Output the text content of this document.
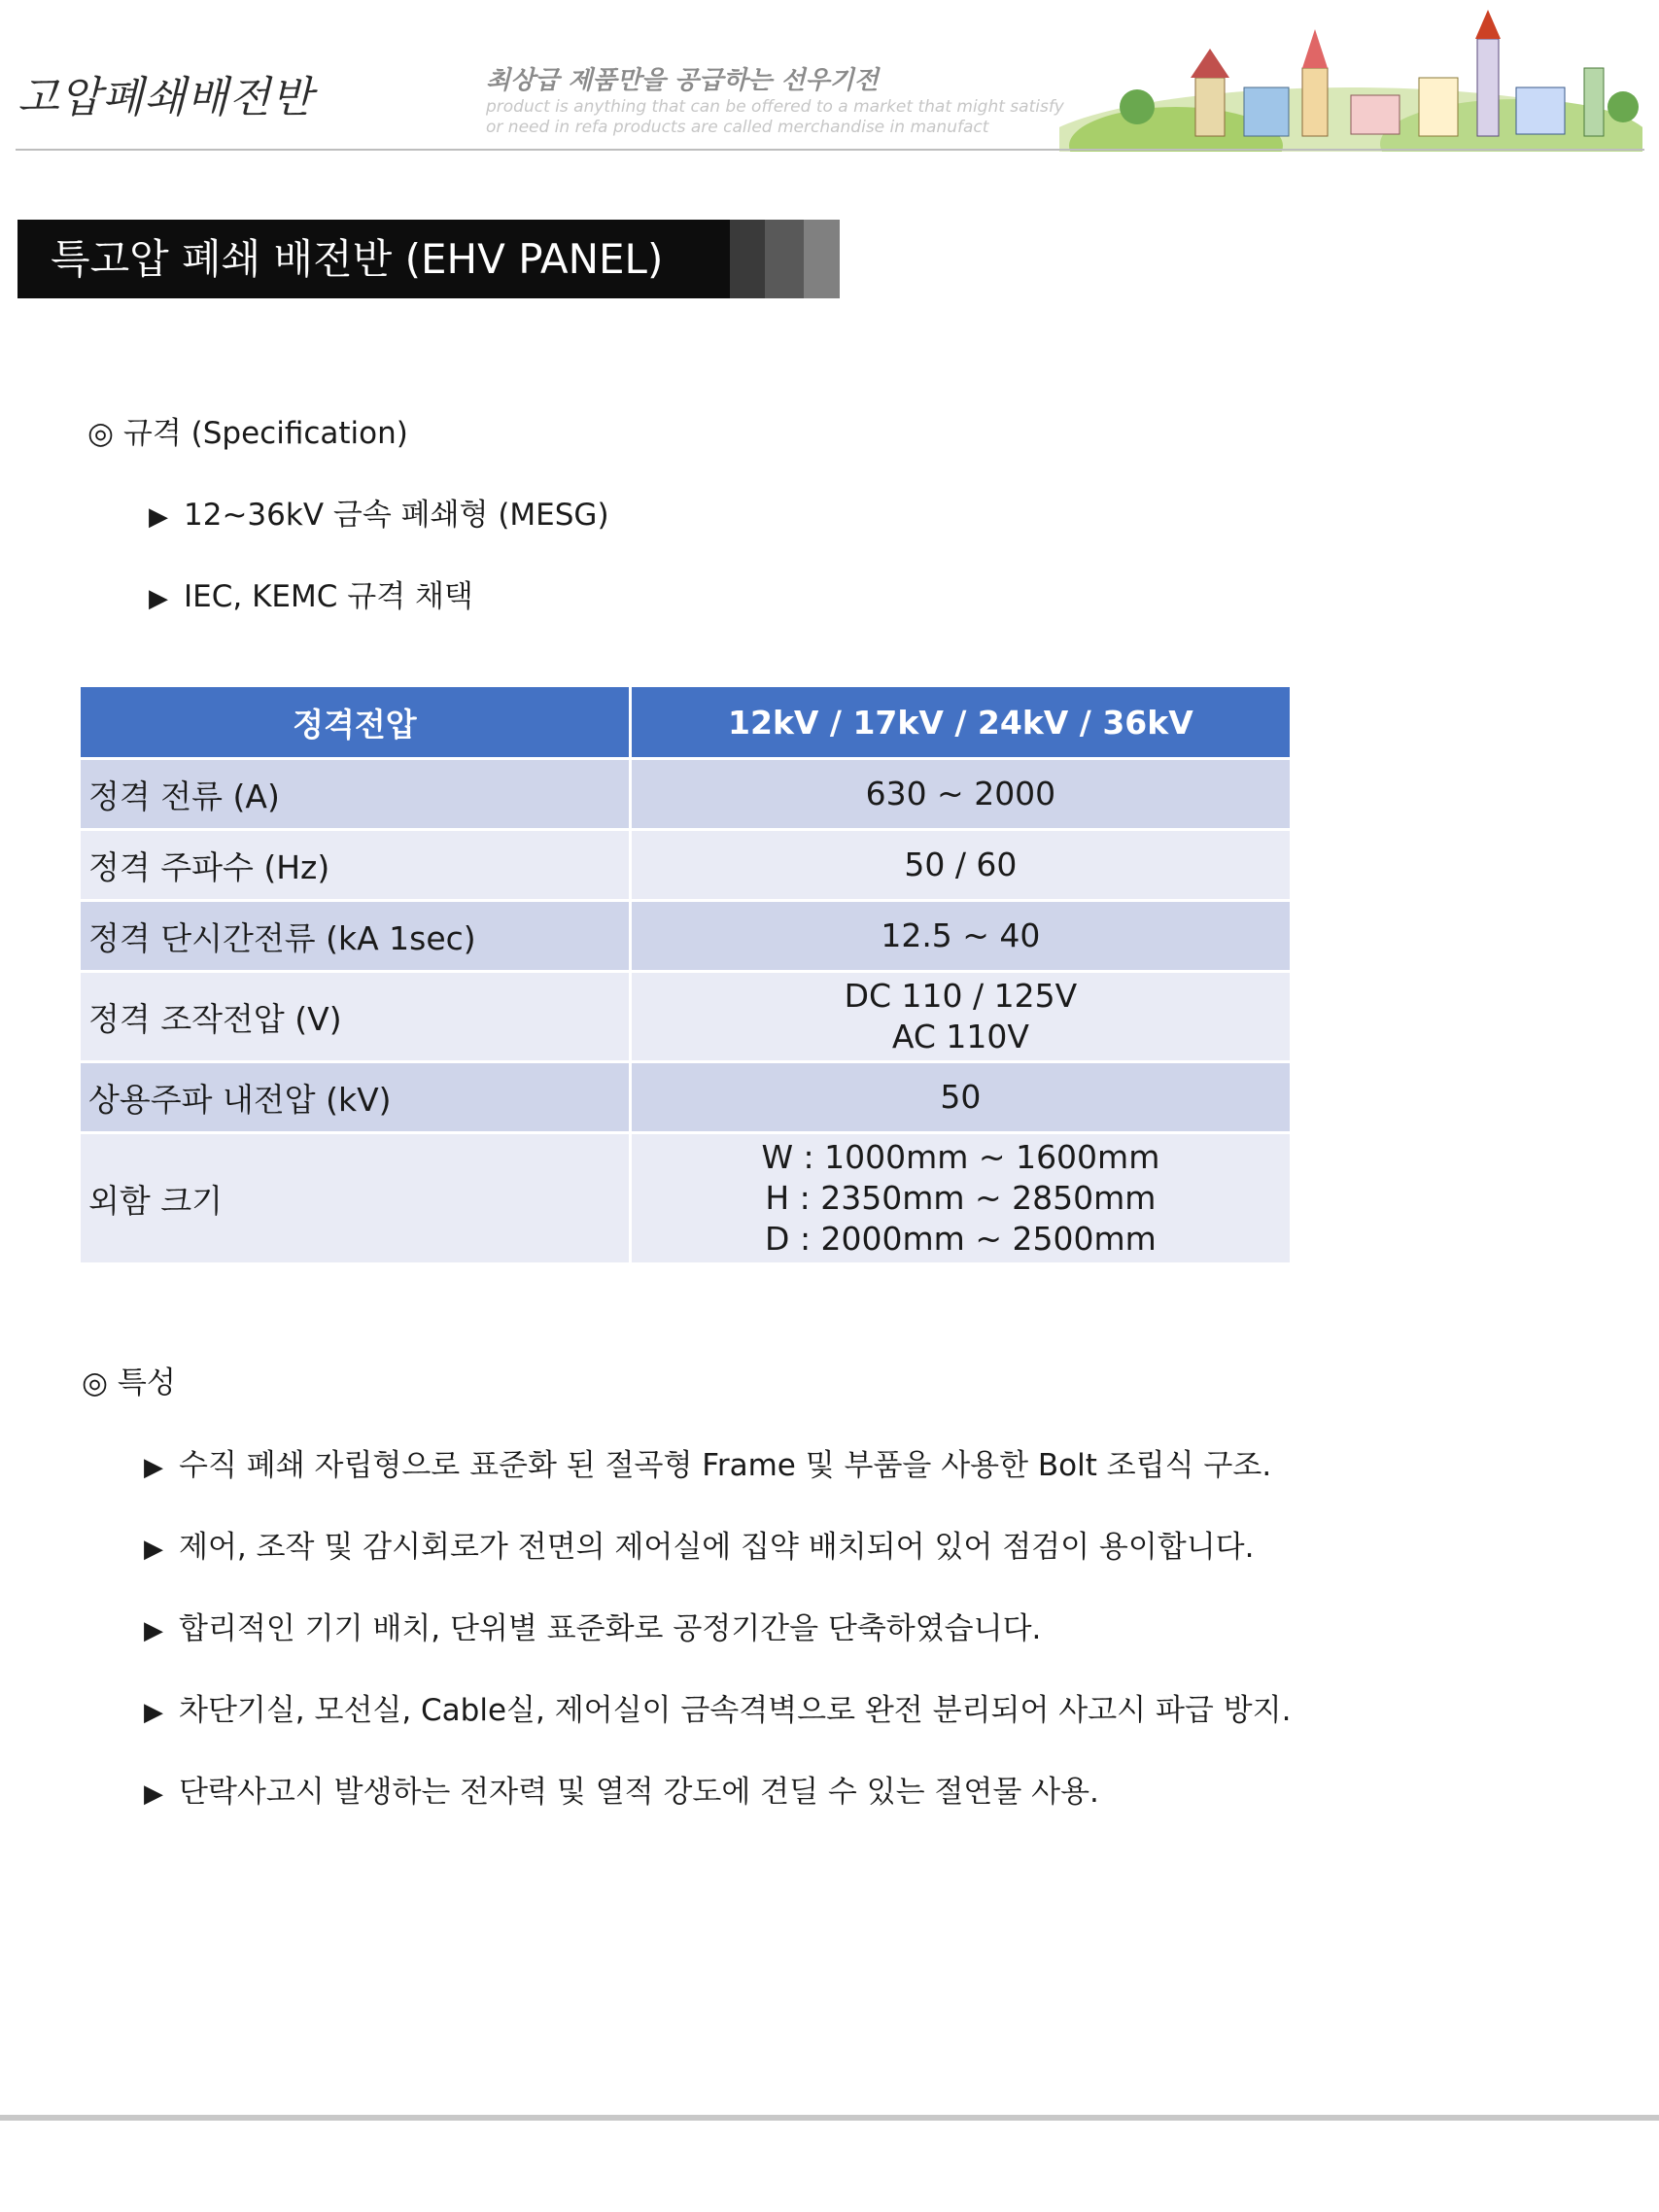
고압폐쇄배전반	최상급 제품만을 공급하는 선우기전
product is anything that can be offered to a market that might satisfy
or need in refa products are called merchandise in manufact
특고압 폐쇄 배전반 (EHV PANEL)
◎ 규격 (Specification)
▶ 12~36kV 금속 폐쇄형 (MESG)
▶ IEC, KEMC 규격 채택
정격전압	12kV / 17kV / 24kV / 36kV
정격 전류 (A)	630 ~ 2000

정격 주파수 (Hz)	50 / 60

정격 단시간전류 (kA 1sec)	12.5 ~ 40

정격 조작전압 (V)	DC 110 / 125V
AC 110V

상용주파 내전압 (kV)	50

외함 크기	W : 1000mm ~ 1600mm
H : 2350mm ~ 2850mm
D : 2000mm ~ 2500mm
◎ 특성
▶ 수직 폐쇄 자립형으로 표준화 된 절곡형 Frame 및 부품을 사용한 Bolt 조립식 구조.
▶ 제어, 조작 및 감시회로가 전면의 제어실에 집약 배치되어 있어 점검이 용이합니다.
▶ 합리적인 기기 배치, 단위별 표준화로 공정기간을 단축하였습니다.
▶ 차단기실, 모선실, Cable실, 제어실이 금속격벽으로 완전 분리되어 사고시 파급 방지.
▶ 단락사고시 발생하는 전자력 및 열적 강도에 견딜 수 있는 절연물 사용.
